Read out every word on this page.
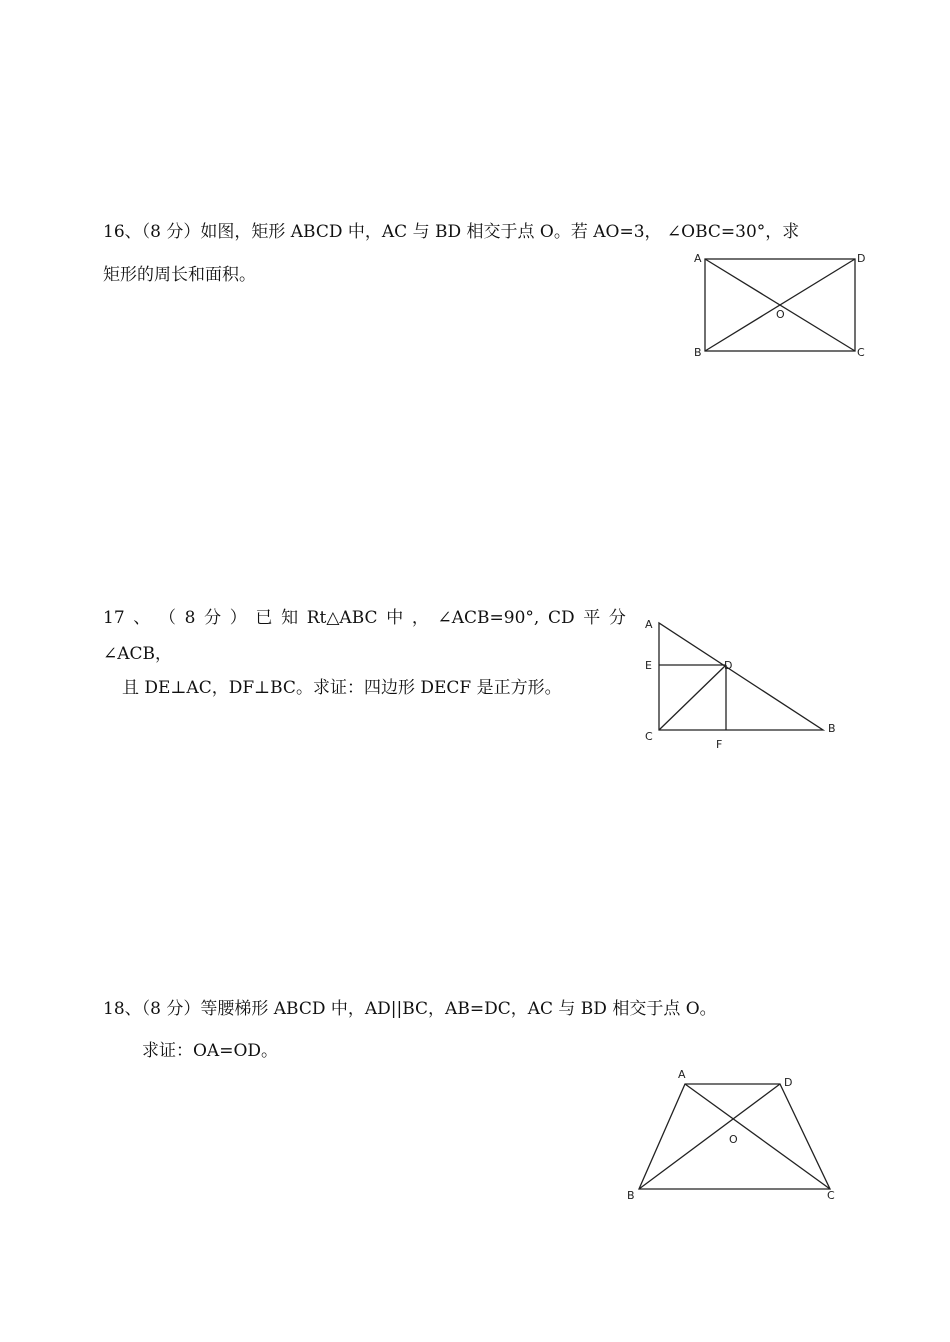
16、（8 分）如图，矩形 ABCD 中，AC 与 BD 相交于点 O。若 AO=3， ∠OBC=30°，求
矩形的周长和面积。
A	D
O
B	C
17 、 （ 8 分 ） 已 知 Rt△ABC 中 ， ∠ACB=90°, CD 平 分
∠ACB，
且 DE⊥AC，DF⊥BC。求证：四边形 DECF 是正方形。
A
E	D
C
F
B
18、（8 分）等腰梯形 ABCD 中，AD||BC，AB=DC，AC 与 BD 相交于点 O。
求证：OA=OD。
A
D
O
B	C
